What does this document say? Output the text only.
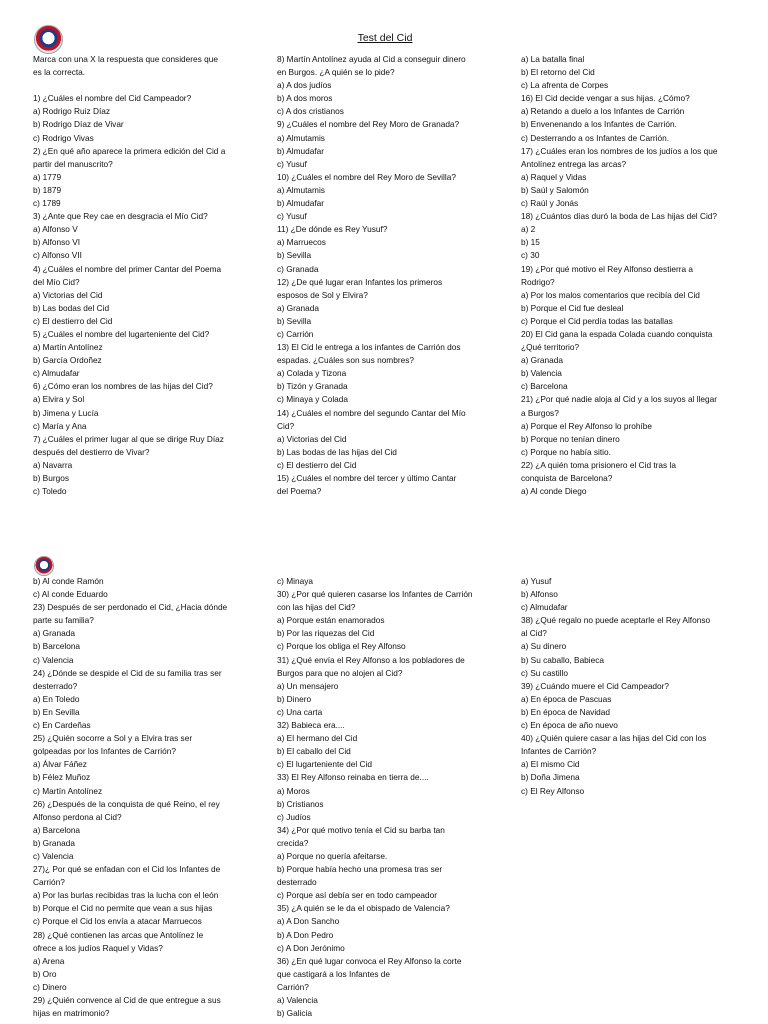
Test del Cid
Marca con una X la respuesta que consideres que
es la correcta.
1) ¿Cuáles el nombre del Cid Campeador?
a) Rodrigo Ruiz Díaz
b) Rodrigo Díaz de Vivar
c) Rodrigo Vivas
2) ¿En qué año aparece la primera edición del Cid a
partir del manuscrito?
a) 1779
b) 1879
c) 1789
3) ¿Ante que Rey cae en desgracia el Mío Cid?
a) Alfonso V
b) Alfonso VI
c) Alfonso VII
4) ¿Cuáles el nombre del primer Cantar del Poema
del Mío Cid?
a) Victorias del Cid
b) Las bodas del Cid
c) El destierro del Cid
5) ¿Cuáles el nombre del lugarteniente del Cid?
a) Martín Antolínez
b) García Ordoñez
c) Almudafar
6) ¿Cómo eran los nombres de las hijas del Cid?
a) Elvira y Sol
b) Jimena y Lucía
c) María y Ana
7) ¿Cuáles el primer lugar al que se dirige Ruy Díaz
después del destierro de Vivar?
a) Navarra
b) Burgos
c) Toledo
8) Martín Antolínez ayuda al Cid a conseguir dinero
en Burgos. ¿A quién se lo pide?
a) A dos judíos
b) A dos moros
c) A dos cristianos
9) ¿Cuáles el nombre del Rey Moro de Granada?
a) Almutamis
b) Almudafar
c) Yusuf
10) ¿Cuáles el nombre del Rey Moro de Sevilla?
a) Almutamis
b) Almudafar
c) Yusuf
11) ¿De dónde es Rey Yusuf?
a) Marruecos
b) Sevilla
c) Granada
12) ¿De qué lugar eran Infantes los primeros
esposos de Sol y Elvira?
a) Granada
b) Sevilla
c) Carrión
13) El Cid le entrega a los infantes de Carrión dos
espadas. ¿Cuáles son sus nombres?
a) Colada y Tizona
b) Tizón y Granada
c) Minaya y Colada
14) ¿Cuáles el nombre del segundo Cantar del Mío
Cid?
a) Victorias del Cid
b) Las bodas de las hijas del Cid
c) El destierro del Cid
15) ¿Cuáles el nombre del tercer y último Cantar
del Poema?
a) La batalla final
b) El retorno del Cid
c) La afrenta de Corpes
16) El Cid decide vengar a sus hijas. ¿Cómo?
a) Retando a duelo a los Infantes de Carrión
b) Envenenando a los Infantes de Carrión.
c) Desterrando a os Infantes de Carrión.
17) ¿Cuáles eran los nombres de los judíos a los que
Antolínez entrega las arcas?
a) Raquel y Vidas
b) Saúl y Salomón
c) Raúl y Jonás
18) ¿Cuántos días duró la boda de Las hijas del Cid?
a) 2
b) 15
c) 30
19) ¿Por qué motivo el Rey Alfonso destierra a
Rodrigo?
a) Por los malos comentarios que recibía del Cid
b) Porque el Cid fue desleal
c) Porque el Cid perdía todas las batallas
20) El Cid gana la espada Colada cuando conquista
¿Qué territorio?
a) Granada
b) Valencia
c) Barcelona
21) ¿Por qué nadie aloja al Cid y a los suyos al llegar
a Burgos?
a) Porque el Rey Alfonso lo prohíbe
b) Porque no tenían dinero
c) Porque no había sitio.
22) ¿A quién toma prisionero el Cid tras la
conquista de Barcelona?
a) Al conde Diego
b) Al conde Ramón
c) Al conde Eduardo
23) Después de ser perdonado el Cid, ¿Hacia dónde
parte su familia?
a) Granada
b) Barcelona
c) Valencia
24) ¿Dónde se despide el Cid de su familia tras ser
desterrado?
a) En Toledo
b) En Sevilla
c) En Cardeñas
25) ¿Quién socorre a Sol y a Elvira tras ser
golpeadas por los Infantes de Carrión?
a) Álvar Fáñez
b) Félez Muñoz
c) Martín Antolínez
26) ¿Después de la conquista de qué Reino, el rey
Alfonso perdona al Cid?
a) Barcelona
b) Granada
c) Valencia
27)¿ Por qué se enfadan con el Cid los Infantes de
Carrión?
a) Por las burlas recibidas tras la lucha con el león
b) Porque el Cid no permite que vean a sus hijas
c) Porque el Cid los envía a atacar Marruecos
28) ¿Qué contienen las arcas que Antolínez le
ofrece a los judíos Raquel y Vidas?
a) Arena
b) Oro
c) Dinero
29) ¿Quién convence al Cid de que entregue a sus
hijas en matrimonio?
c) Minaya
30) ¿Por qué quieren casarse los Infantes de Carrión
con las hijas del Cid?
a) Porque están enamorados
b) Por las riquezas del Cid
c) Porque los obliga el Rey Alfonso
31) ¿Qué envía el Rey Alfonso a los pobladores de
Burgos para que no alojen al Cid?
a) Un mensajero
b) Dinero
c) Una carta
32) Babieca era....
a) El hermano del Cid
b) El caballo del Cid
c) El lugarteniente del Cid
33) El Rey Alfonso reinaba en tierra de....
a) Moros
b) Cristianos
c) Judíos
34) ¿Por qué motivo tenía el Cid su barba tan
crecida?
a) Porque no quería afeitarse.
b) Porque había hecho una promesa tras ser
desterrado
c) Porque así debía ser en todo campeador
35) ¿A quién se le da el obispado de Valencia?
a) A Don Sancho
b) A Don Pedro
c) A Don Jerónimo
36) ¿En qué lugar convoca el Rey Alfonso la corte
que castigará a los Infantes de
Carrión?
a) Valencia
b) Galicia
a) Yusuf
b) Alfonso
c) Almudafar
38) ¿Qué regalo no puede aceptarle el Rey Alfonso
al Cid?
a) Su dinero
b) Su caballo, Babieca
c) Su castillo
39) ¿Cuándo muere el Cid Campeador?
a) En época de Pascuas
b) En época de Navidad
c) En época de año nuevo
40) ¿Quién quiere casar a las hijas del Cid con los
Infantes de Carrión?
a) El mismo Cid
b) Doña Jimena
c) El Rey Alfonso
